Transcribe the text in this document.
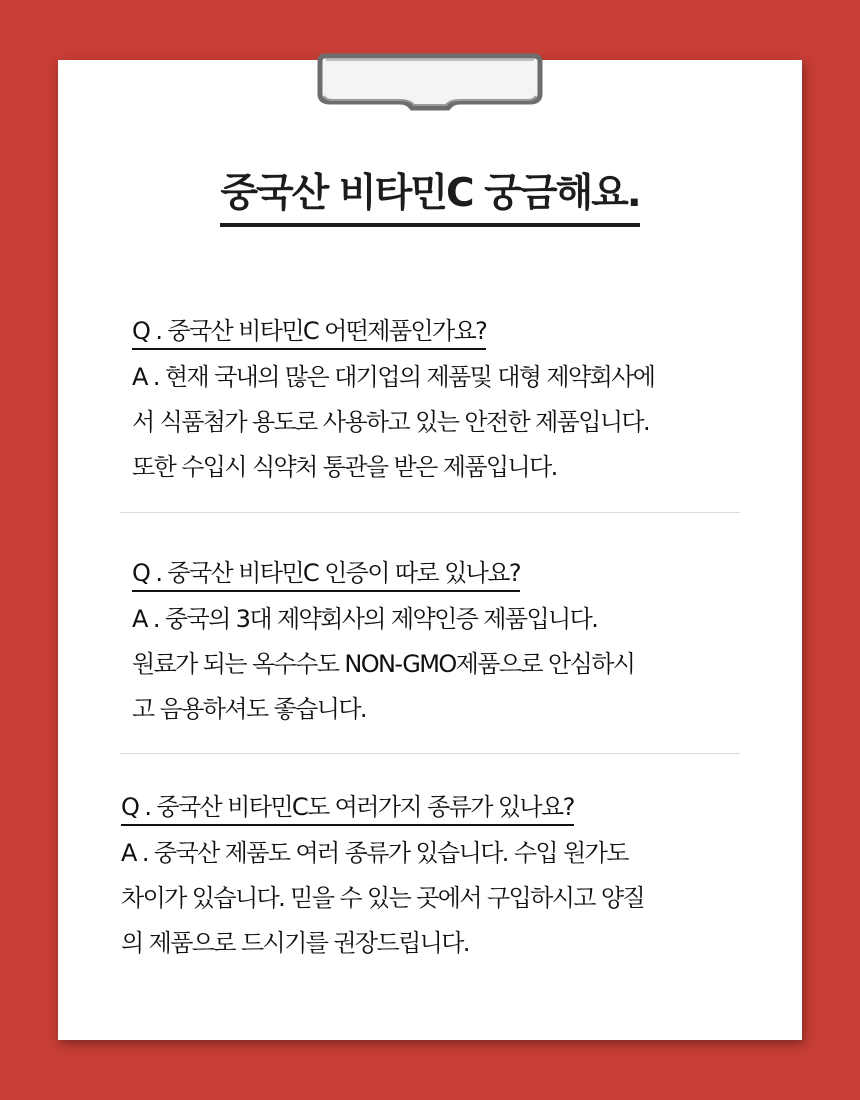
중국산 비타민C 궁금해요.
Q . 중국산 비타민C 어떤제품인가요?
A . 현재 국내의 많은 대기업의 제품및 대형 제약회사에
서 식품첨가 용도로 사용하고 있는 안전한 제품입니다.
또한 수입시 식약처 통관을 받은 제품입니다.
Q . 중국산 비타민C 인증이 따로 있나요?
A . 중국의 3대 제약회사의 제약인증 제품입니다.
원료가 되는 옥수수도 NON-GMO제품으로 안심하시
고 음용하셔도 좋습니다.
Q . 중국산 비타민C도 여러가지 종류가 있나요?
A . 중국산 제품도 여러 종류가 있습니다. 수입 원가도
차이가 있습니다. 믿을 수 있는 곳에서 구입하시고 양질
의 제품으로 드시기를 권장드립니다.
